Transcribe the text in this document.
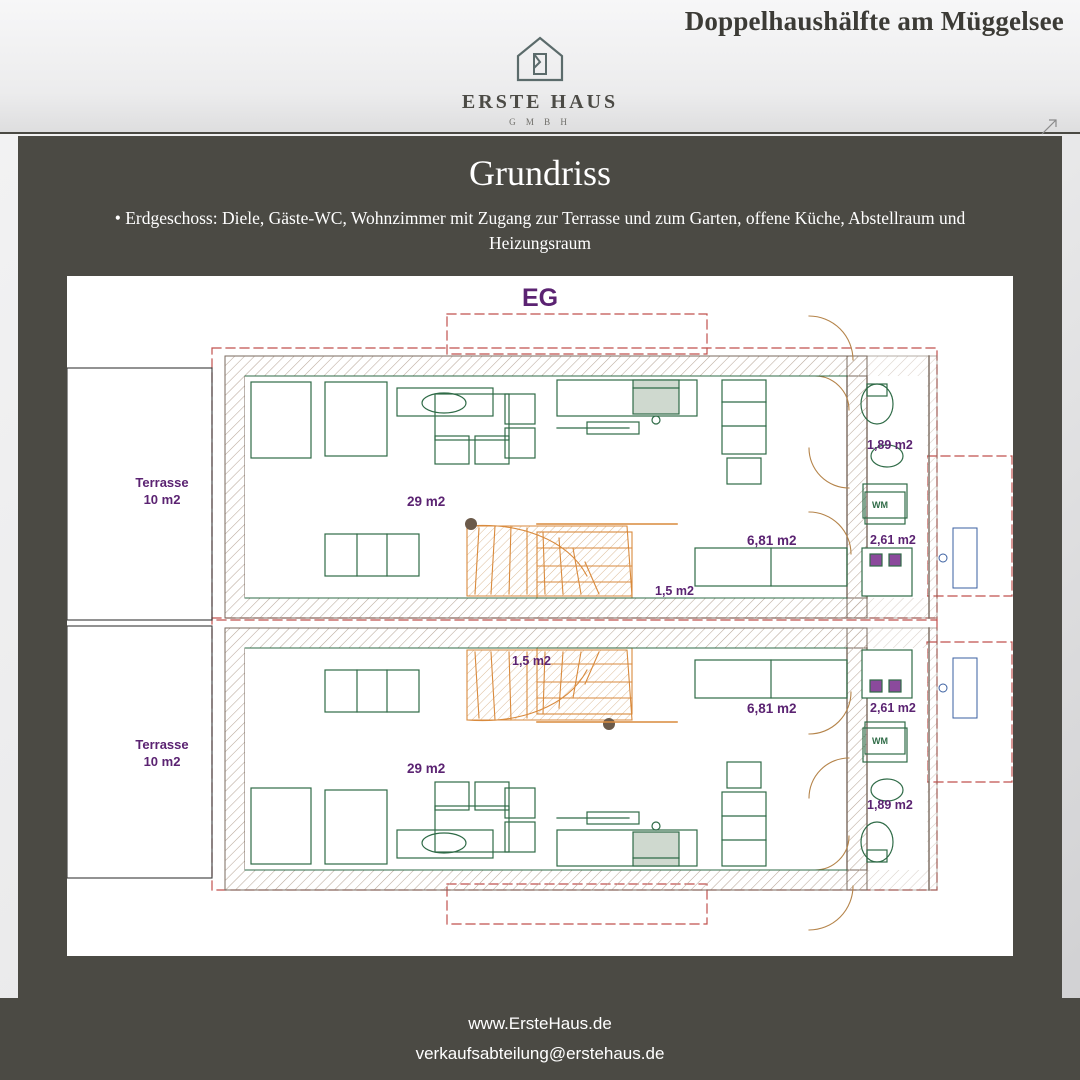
Doppelhaushälfte am Müggelsee
ERSTE HAUS
G M B H
Grundriss
• Erdgeschoss: Diele, Gäste-WC, Wohnzimmer mit Zugang zur Terrasse und zum Garten, offene Küche, Abstellraum und Heizungsraum
EG
Terrasse
10 m2	29 m2
6,81 m2
1,5 m2
1,89 m2
2,61 m2
WM
Terrasse
10 m2	29 m2
6,81 m2
1,5 m2
1,89 m2
2,61 m2
WM
www.ErsteHaus.de
verkaufsabteilung@erstehaus.de
